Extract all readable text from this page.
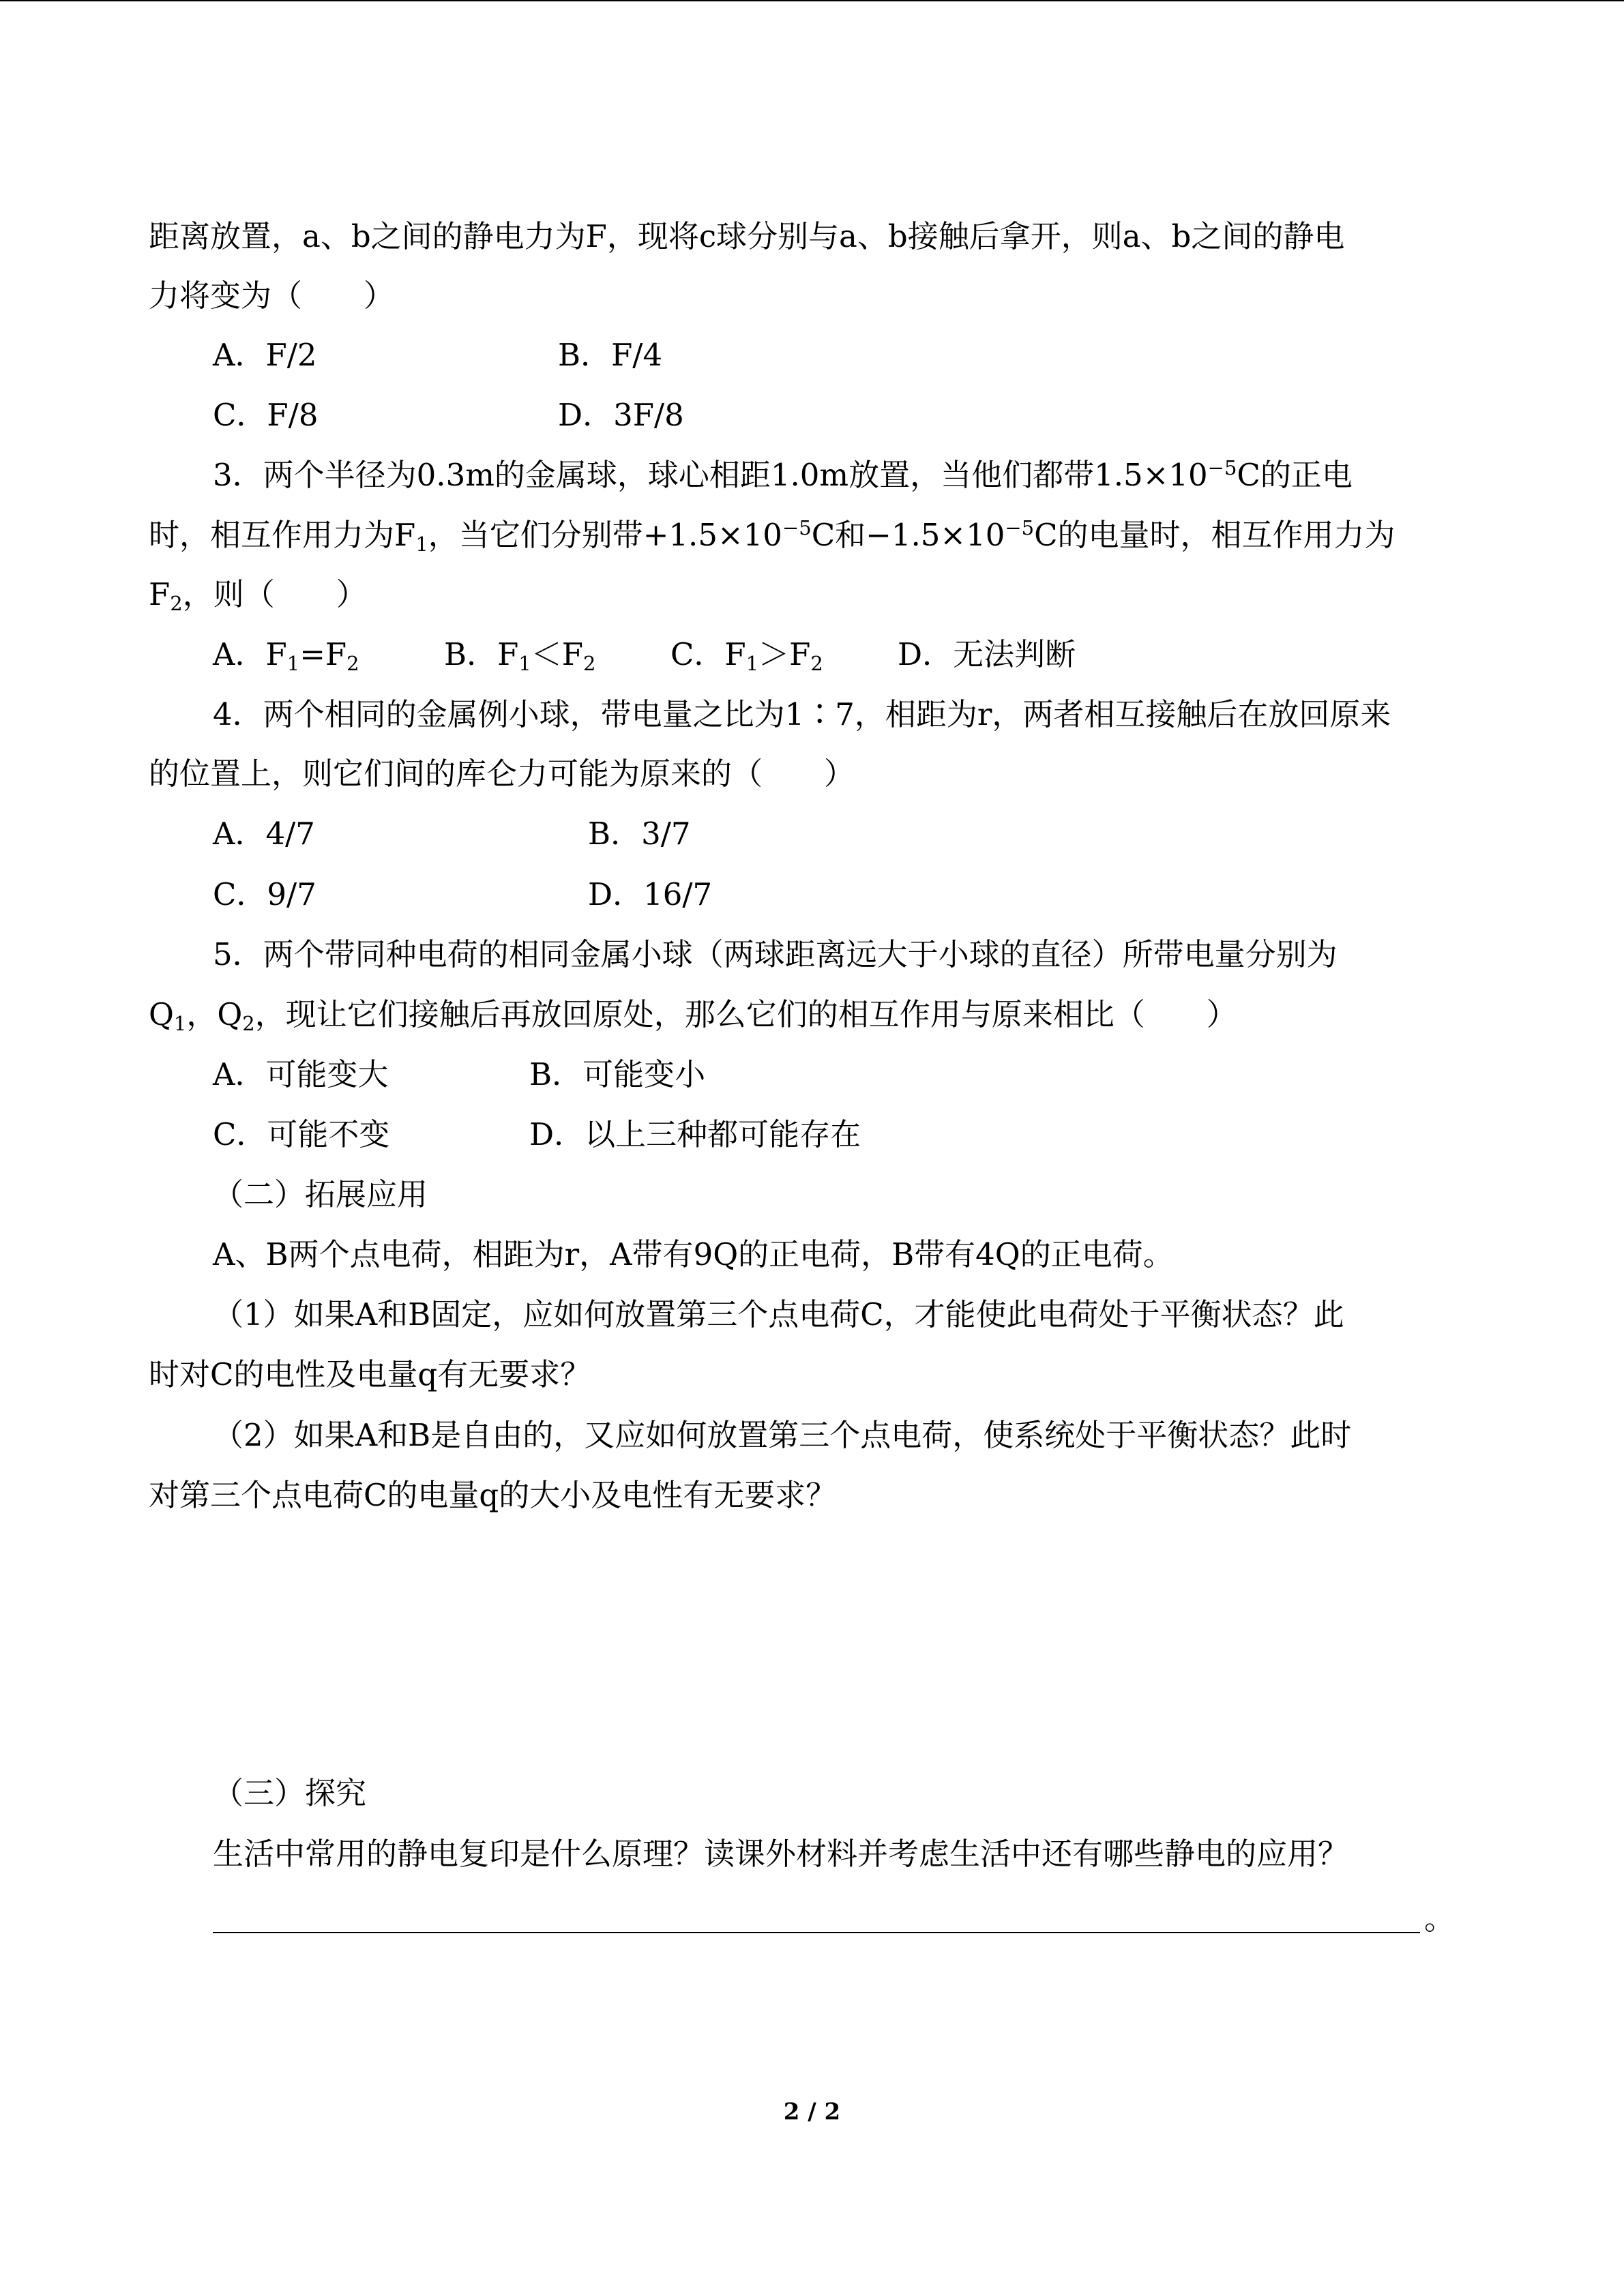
距离放置，a、b之间的静电力为F，现将c球分别与a、b接触后拿开，则a、b之间的静电
力将变为（　　）
A．F/2	B．F/4
C．F/8	D．3F/8
3．两个半径为0.3m的金属球，球心相距1.0m放置，当他们都带$1.5\times 10^{-5}C$的正电
时，相互作用力为$F_1$，当它们分别带$+1.5\times 10^{-5}C$和$-1.5\times 10^{-5}C$的电量时，相互作用力为
$F_2$，则（　　）
A．$F_1=F_2$	B．$F_1<F_2$ C．$F_1>F_2$ D．无法判断
4．两个相同的金属例小球，带电量之比为1∶7，相距为r，两者相互接触后在放回原来
的位置上，则它们间的库仑力可能为原来的（　　）
A．4/7	B．3/7
C．9/7	D．16/7
5．两个带同种电荷的相同金属小球（两球距离远大于小球的直径）所带电量分别为
$Q_1$，$Q_2$，现让它们接触后再放回原处，那么它们的相互作用与原来相比（　　）
A．可能变大	B．可能变小
C．可能不变	D．以上三种都可能存在
（二）拓展应用
A、B两个点电荷，相距为r，A带有9Q的正电荷，B带有4Q的正电荷。
（1）如果A和B固定，应如何放置第三个点电荷C，才能使此电荷处于平衡状态？此
时对C的电性及电量q有无要求？
（2）如果A和B是自由的，又应如何放置第三个点电荷，使系统处于平衡状态？此时
对第三个点电荷C的电量q的大小及电性有无要求？
（三）探究
生活中常用的静电复印是什么原理？读课外材料并考虑生活中还有哪些静电的应用？
。
2 / 2
